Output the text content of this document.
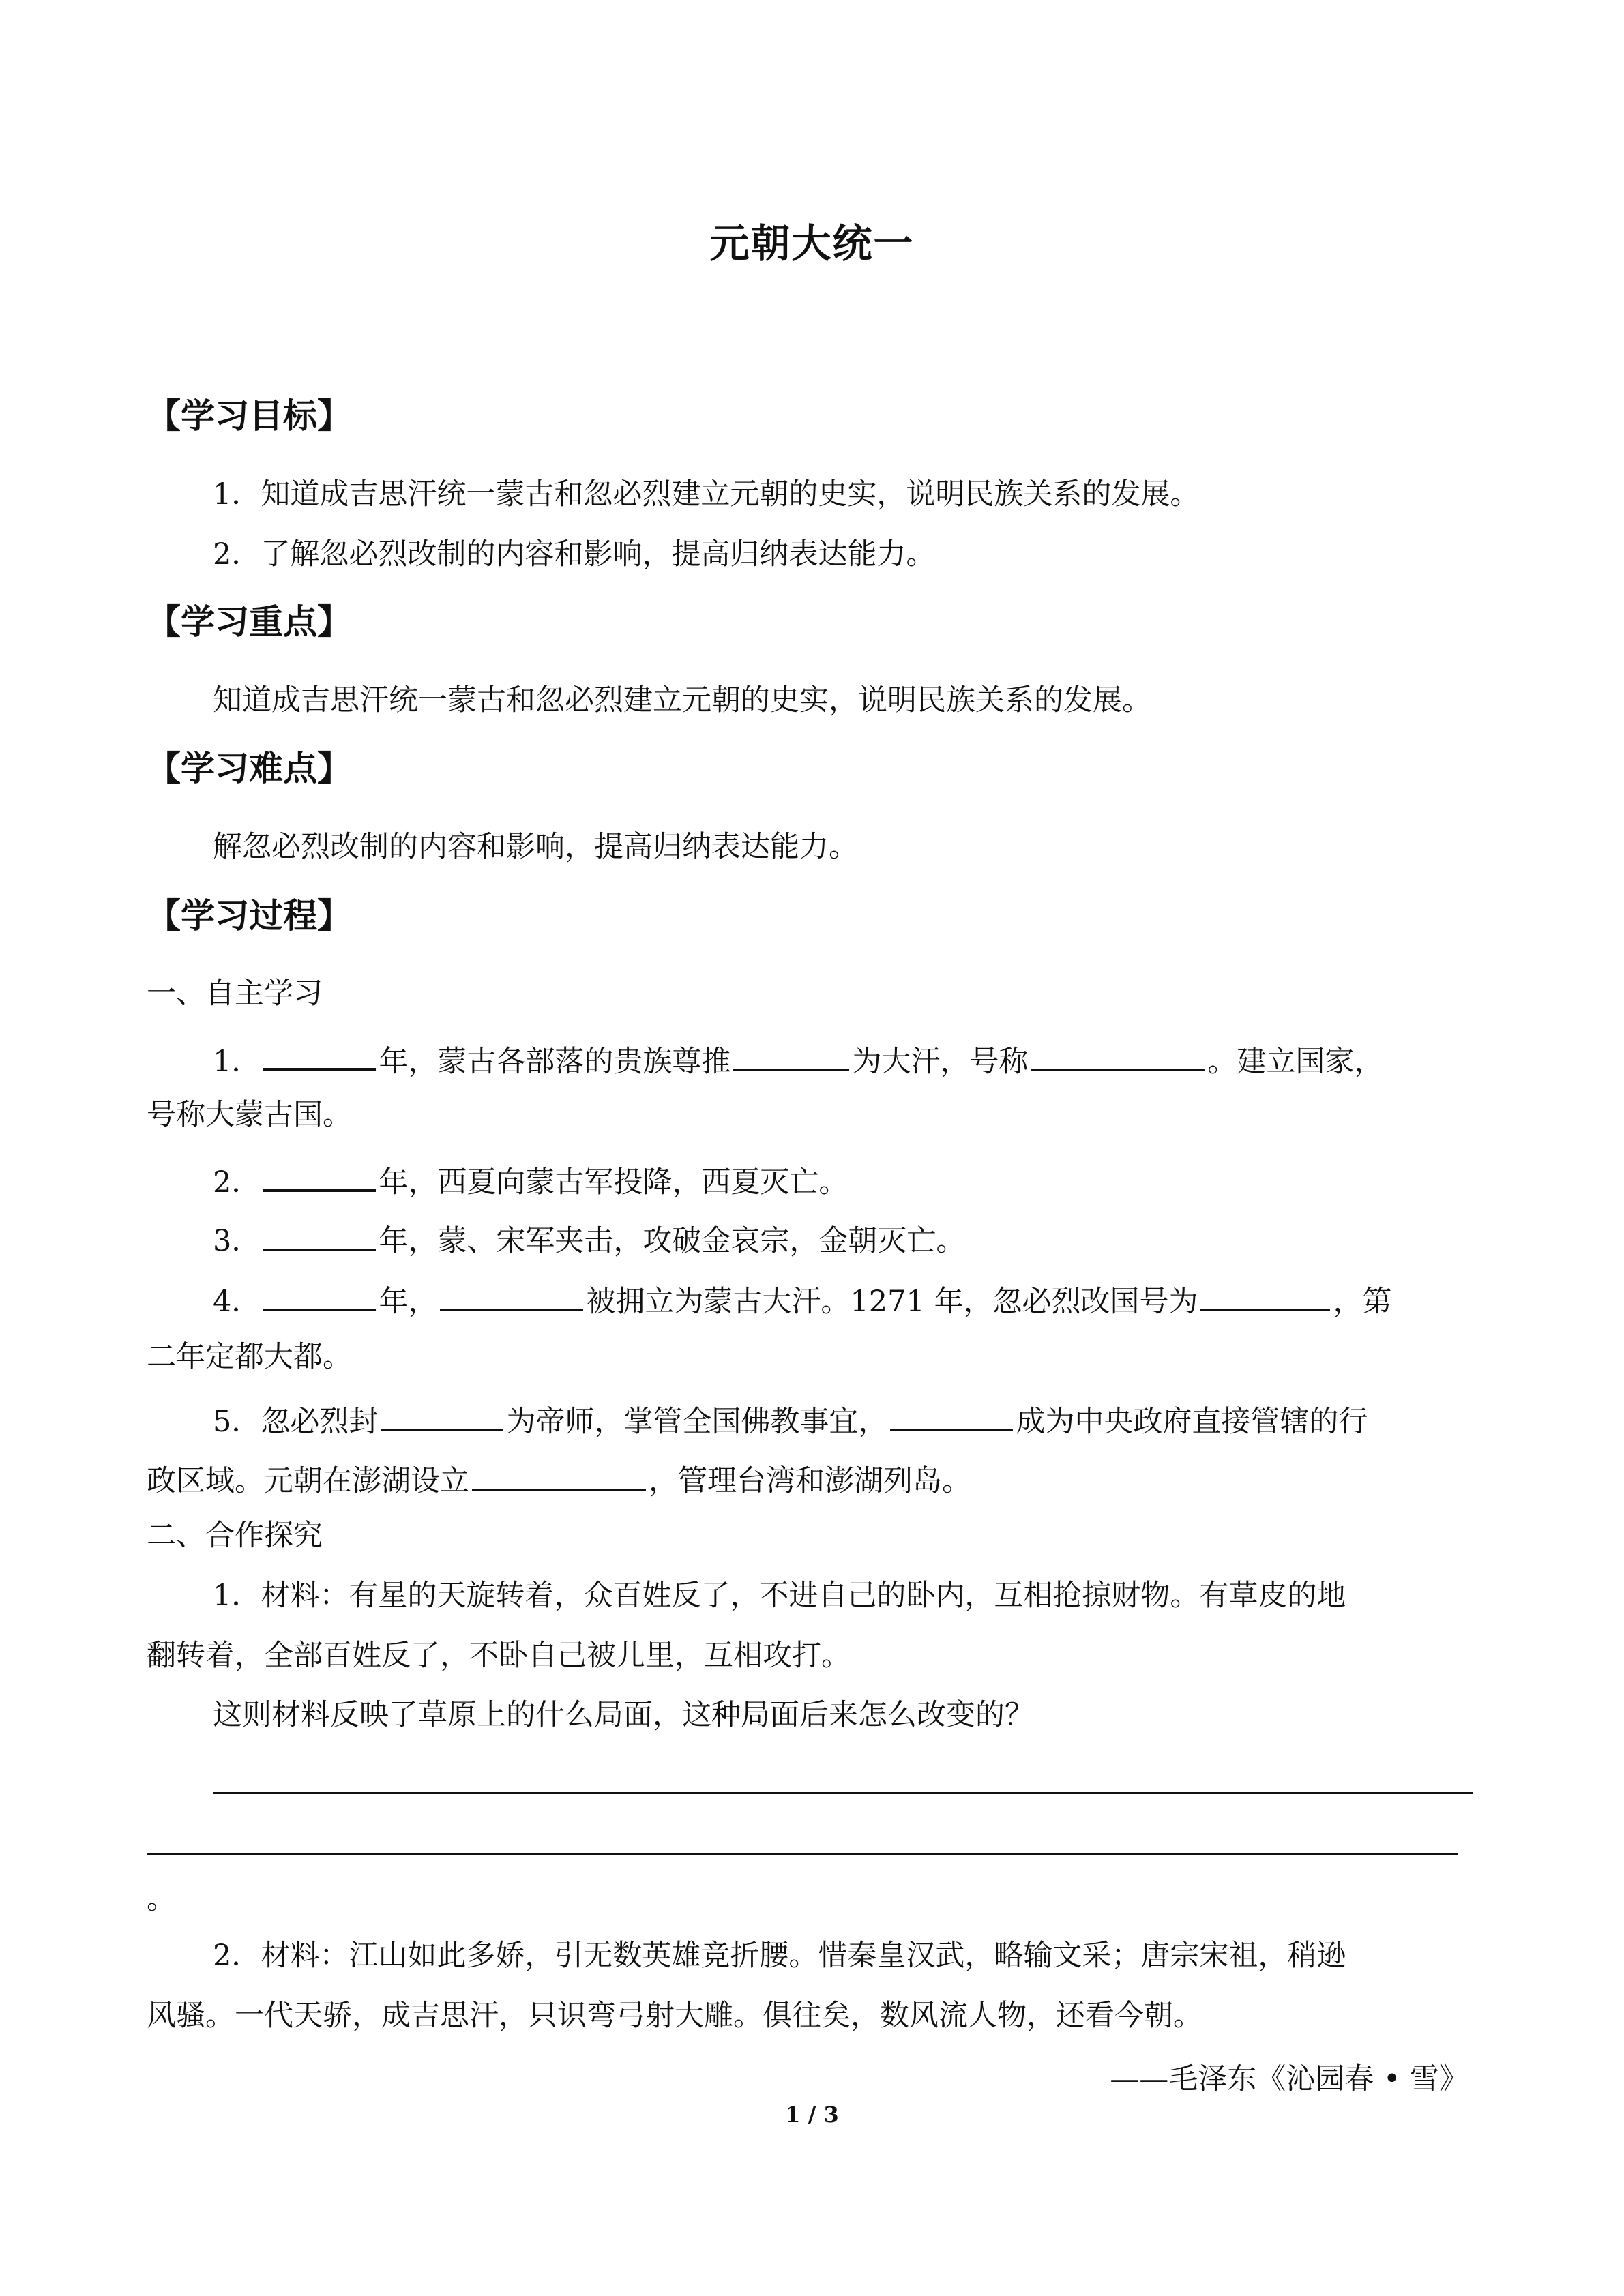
元朝大统一
【学习目标】
1．知道成吉思汗统一蒙古和忽必烈建立元朝的史实，说明民族关系的发展。
2．了解忽必烈改制的内容和影响，提高归纳表达能力。
【学习重点】
知道成吉思汗统一蒙古和忽必烈建立元朝的史实，说明民族关系的发展。
【学习难点】
解忽必烈改制的内容和影响，提高归纳表达能力。
【学习过程】
一、自主学习
1．	年，蒙古各部落的贵族尊推	为大汗，号称	。建立国家，
号称大蒙古国。
2．	年，西夏向蒙古军投降，西夏灭亡。
3．	年，蒙、宋军夹击，攻破金哀宗，金朝灭亡。
4．	年，	被拥立为蒙古大汗。1271 年，忽必烈改国号为	，第
二年定都大都。
5．忽必烈封	为帝师，掌管全国佛教事宜，	成为中央政府直接管辖的行
政区域。元朝在澎湖设立	，管理台湾和澎湖列岛。
二、合作探究
1．材料：有星的天旋转着，众百姓反了，不进自己的卧内，互相抢掠财物。有草皮的地
翻转着，全部百姓反了，不卧自己被儿里，互相攻打。
这则材料反映了草原上的什么局面，这种局面后来怎么改变的？
。
2．材料：江山如此多娇，引无数英雄竞折腰。惜秦皇汉武，略输文采；唐宗宋祖，稍逊
风骚。一代天骄，成吉思汗，只识弯弓射大雕。俱往矣，数风流人物，还看今朝。
——毛泽东《沁园春 • 雪》
1 / 3
